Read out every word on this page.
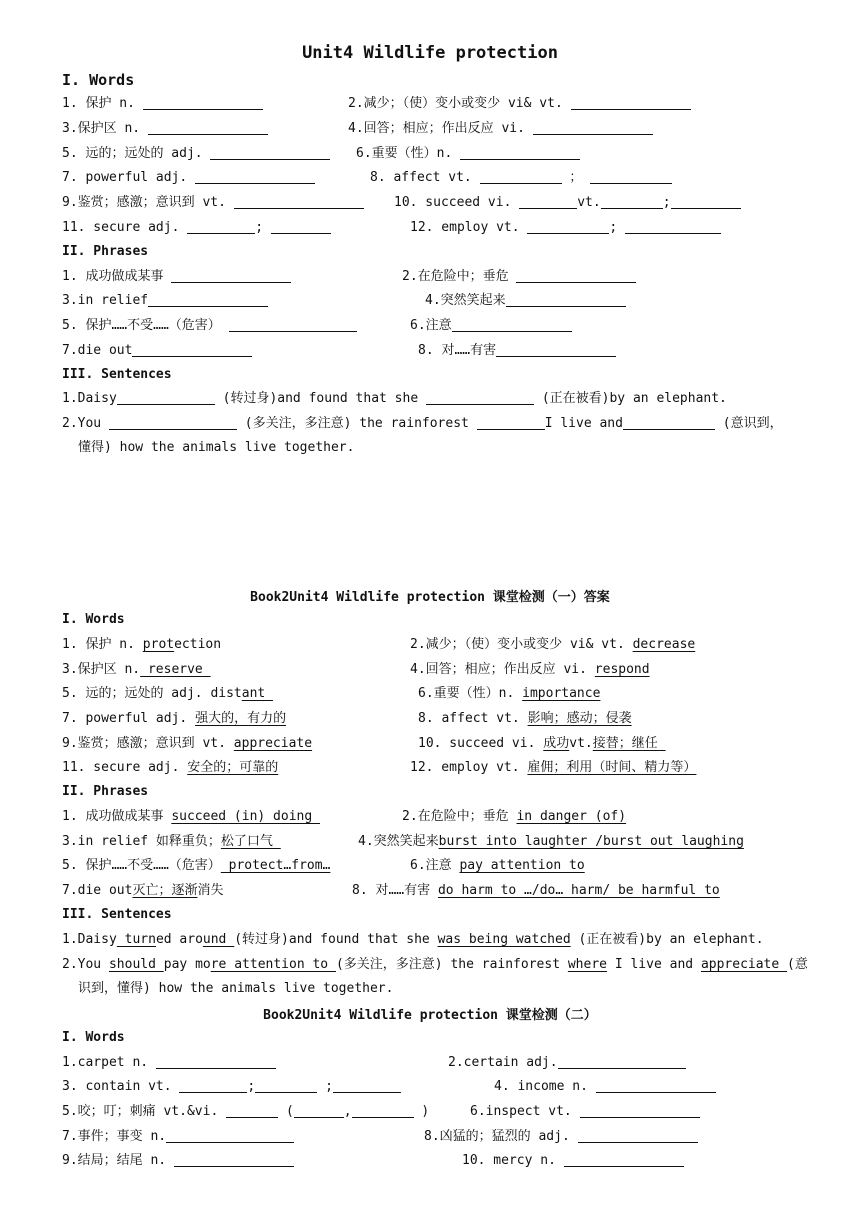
Unit4 Wildlife protection
I. Words
1. 保护 n.	2.减少；（使）变小或变少 vi& vt.
3.保护区 n.	4.回答；相应；作出反应 vi.
5. 远的；远处的 adj.	6.重要（性）n.
7. powerful adj.	8. affect vt.	；
9.鉴赏；感激；意识到 vt.	10. succeed vi.	vt.	;
11. secure adj.	;	12. employ vt.	;
II. Phrases
1. 成功做成某事	2.在危险中；垂危
3.in relief	4.突然笑起来
5. 保护……不受……（危害）	6.注意
7.die out	8. 对……有害
III. Sentences
1.Daisy	(转过身)and found that she	(正在被看)by an elephant.
2.You	(多关注，多注意) the rainforest	I live and	(意识到，
懂得) how the animals live together.
Book2Unit4 Wildlife protection 课堂检测（一）答案
I. Words
1. 保护 n. protection	2.减少；（使）变小或变少 vi& vt. decrease
3.保护区 n. reserve	4.回答；相应；作出反应 vi. respond
5. 远的；远处的 adj. distant	6.重要（性）n. importance
7. powerful adj. 强大的，有力的	8. affect vt. 影响；感动；侵袭
9.鉴赏；感激；意识到 vt. appreciate	10. succeed vi. 成功vt.接替；继任
11. secure adj. 安全的；可靠的	12. employ vt. 雇佣；利用（时间、精力等）
II. Phrases
1. 成功做成某事 succeed (in) doing	2.在危险中；垂危 in danger (of)
3.in relief 如释重负；松了口气	4.突然笑起来burst into laughter /burst out laughing
5. 保护……不受……（危害） protect…from…	6.注意 pay attention to
7.die out灭亡；逐渐消失	8. 对……有害 do harm to …/do… harm/ be harmful to
III. Sentences
1.Daisy turned around (转过身)and found that she was being watched (正在被看)by an elephant.
2.You should pay more attention to (多关注，多注意) the rainforest where I live and appreciate (意
识到，懂得) how the animals live together.
Book2Unit4 Wildlife protection 课堂检测（二）
I. Words
1.carpet n.	2.certain adj.
3. contain vt.	;	;	4. income n.
5.咬；叮；刺痛 vt.&vi.	(	,	)	6.inspect vt.
7.事件；事变 n.	8.凶猛的；猛烈的 adj.
9.结局；结尾 n.	10. mercy n.
